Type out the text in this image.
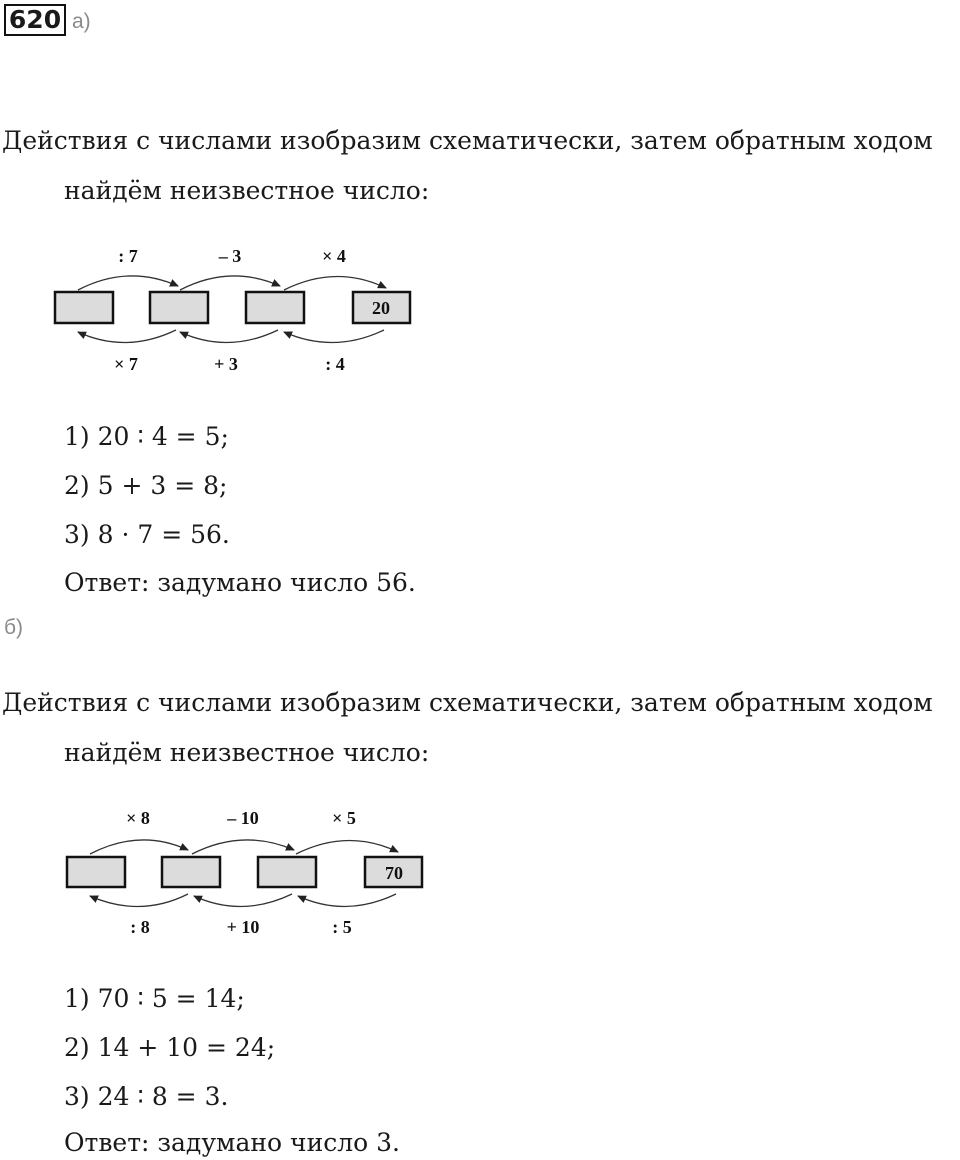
620 а)
Действия с числами изобразим схематически, затем обратным ходом
найдём неизвестное число:
20
: 7	– 3	× 4
× 7	+ 3	: 4
1) 20 ∶ 4 = 5;
2) 5 + 3 = 8;
3) 8 · 7 = 56.
Ответ: задумано число 56.
б)
Действия с числами изобразим схематически, затем обратным ходом
найдём неизвестное число:
70
× 8	– 10	× 5
: 8	+ 10	: 5
1) 70 ∶ 5 = 14;
2) 14 + 10 = 24;
3) 24 ∶ 8 = 3.
Ответ: задумано число 3.
